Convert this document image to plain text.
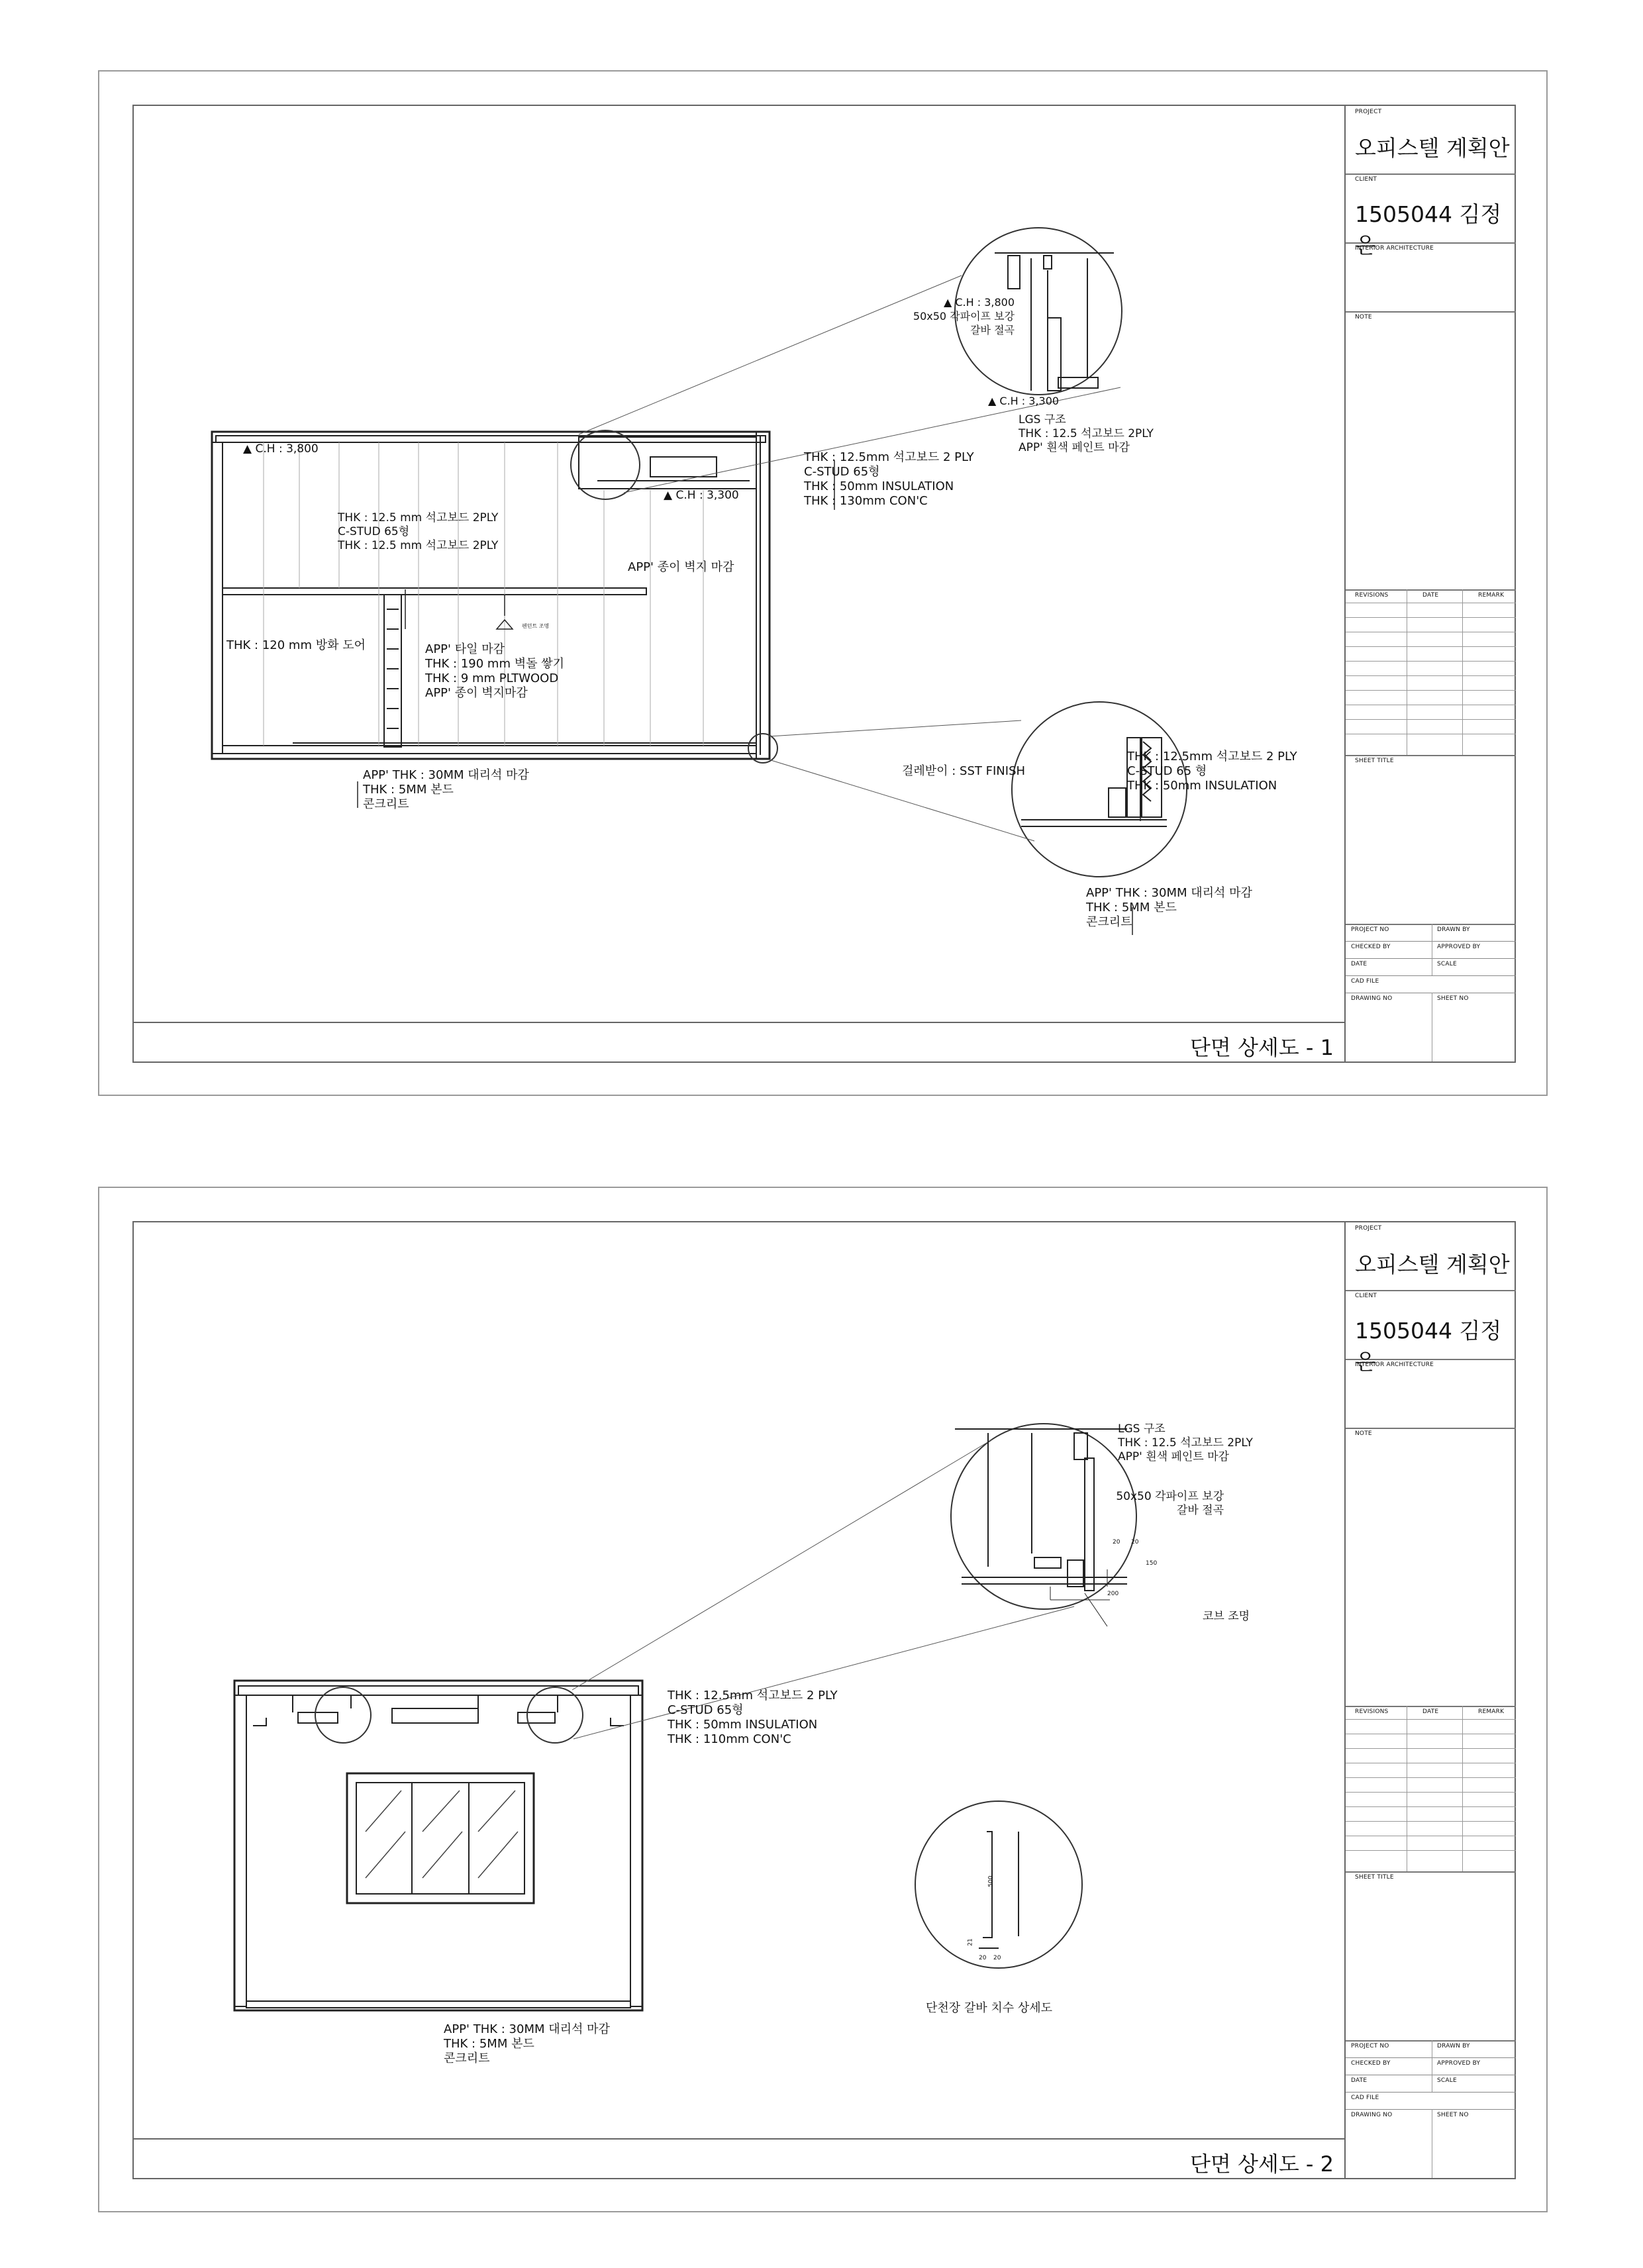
PROJECT
오피스텔 계획안
CLIENT
1505044 김정은
INTERIOR ARCHITECTURE
NOTE
REVISIONS	DATE	REMARK
SHEET TITLE
PROJECT NO	DRAWN BY
CHECKED BY	APPROVED BY
DATE	SCALE
CAD FILE
DRAWING NO	SHEET NO
단면 상세도 - 1
▲ C.H : 3,800
▲ C.H : 3,300
THK : 12.5 mm 석고보드 2PLY
C-STUD 65형
THK : 12.5 mm 석고보드 2PLY
THK : 120 mm 방화 도어
펜던트 조명
APP' 타일 마감
THK : 190 mm 벽돌 쌓기
THK : 9 mm PLTWOOD
APP' 종이 벽지마감
APP' 종이 벽지 마감
THK : 12.5mm 석고보드 2 PLY
C-STUD 65형
THK : 50mm INSULATION
THK : 130mm CON'C
APP' THK : 30MM 대리석 마감
THK : 5MM 본드
콘크리트
▲ C.H : 3,800
50x50 각파이프 보강
갈바 절곡
▲ C.H : 3,300
LGS 구조
THK : 12.5 석고보드 2PLY
APP' 흰색 페인트 마감
THK : 12.5mm 석고보드 2 PLY
C-STUD 65 형
THK : 50mm INSULATION
걸레받이 : SST FINISH
APP' THK : 30MM 대리석 마감
THK : 5MM 본드
콘크리트
PROJECT
오피스텔 계획안
CLIENT
1505044 김정은
INTERIOR ARCHITECTURE
NOTE
REVISIONS	DATE	REMARK
SHEET TITLE
PROJECT NO	DRAWN BY
CHECKED BY	APPROVED BY
DATE	SCALE
CAD FILE
DRAWING NO	SHEET NO
단면 상세도 - 2
LGS 구조
THK : 12.5 석고보드 2PLY
APP' 흰색 페인트 마감
50x50 각파이프 보강
갈바 절곡
20 20
150
200
코브 조명
THK : 12.5mm 석고보드 2 PLY
C-STUD 65형
THK : 50mm INSULATION
THK : 110mm CON'C
APP' THK : 30MM 대리석 마감
THK : 5MM 본드
콘크리트
500
21
20 20
단천장 갈바 치수 상세도
